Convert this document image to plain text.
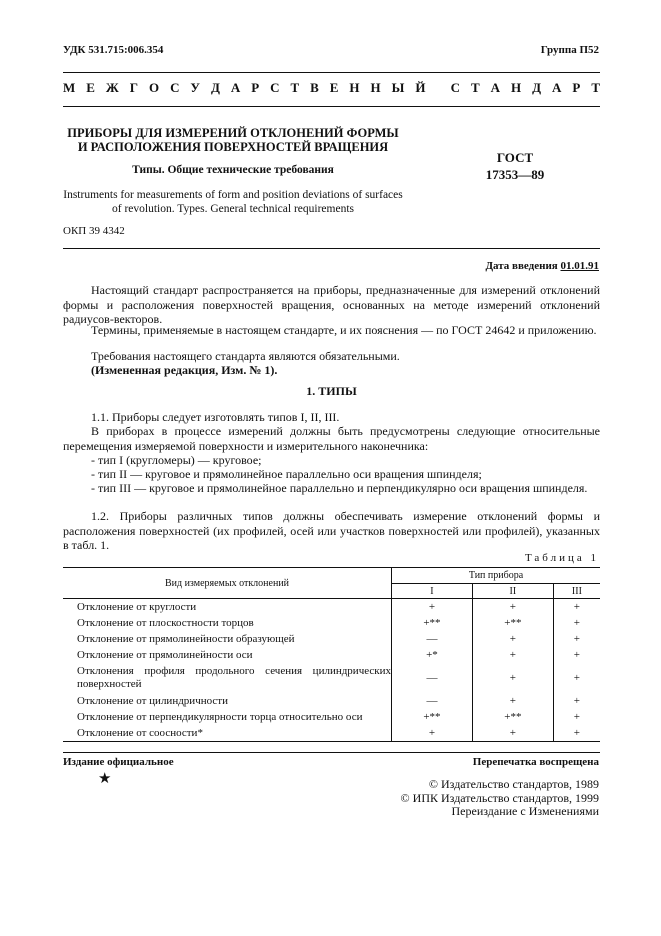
УДК 531.715:006.354	Группа П52
М Е Ж Г О С У Д А Р С Т В Е Н Н Ы Й
С Т А Н Д А Р Т
ПРИБОРЫ ДЛЯ ИЗМЕРЕНИЙ ОТКЛОНЕНИЙ ФОРМЫ
И РАСПОЛОЖЕНИЯ ПОВЕРХНОСТЕЙ ВРАЩЕНИЯ
Типы. Общие технические требования
ГОСТ
17353—89
Instruments for measurements of form and position deviations of surfaces
of revolution. Types. General technical requirements
ОКП 39 4342
Дата введения 01.01.91

Настоящий стандарт распространяется на приборы, предназначенные для измерений отклонений формы и расположения поверхностей вращения, основанных на методе измерений отклонений радиусов-векторов.

Термины, применяемые в настоящем стандарте, и их пояснения — по ГОСТ 24642 и приложению.

Требования настоящего стандарта являются обязательными.

(Измененная редакция, Изм. № 1).

1. ТИПЫ

1.1. Приборы следует изготовлять типов I, II, III.

В приборах в процессе измерений должны быть предусмотрены следующие относительные перемещения измеряемой поверхности и измерительного наконечника:

- тип I (кругломеры) — круговое;

- тип II — круговое и прямолинейное параллельно оси вращения шпинделя;

- тип III — круговое и прямолинейное параллельно и перпендикулярно оси вращения шпинделя.

1.2. Приборы различных типов должны обеспечивать измерение отклонений формы и расположения поверхностей (их профилей, осей или участков поверхностей или профилей), указанных в табл. 1.

Таблица 1
Вид измеряемых отклонений	Тип прибора		
	I	II	III
Отклонение от круглости	+	+	+
Отклонение от плоскостности торцов	+**	+**	+
Отклонение от прямолинейности образующей	—	+	+
Отклонение от прямолинейности оси	+*	+	+
Отклонения профиля продольного сечения цилиндрических поверхностей	—	+	+
Отклонение от цилиндричности	—	+	+
Отклонение от перпендикулярности торца относительно оси	+**	+**	+
Отклонение от соосности*	+	+	+
Издание официальное	Перепечатка воспрещена
★	© Издательство стандартов, 1989
© ИПК Издательство стандартов, 1999
Переиздание с Изменениями
